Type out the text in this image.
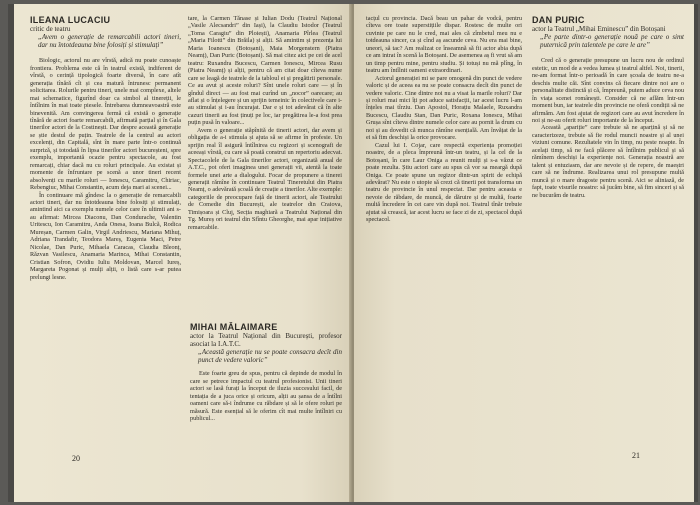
ILEANA LUCACIU

critic de teatru

„Avem o generație de remarcabili actori tineri, dar nu întotdeauna bine folosiți și stimulați”

Biologic, actorul nu are vîrstă, adică nu poate cunoaște frontiera. Problema este că în teatrul există, indiferent de vîrstă, o cerință tipologică foarte diversă, în care atît generația tînără cît și cea matură întrunesc permanent solicitarea. Rolurile pentru tineri, unele mai complexe, altele mai schematice, figurînd doar ca simbol al tinereții, le întîlnim în mai toate piesele. Întrebarea dumneavoastră este binevenită. Am convingerea fermă că există o generație tînără de actori foarte remarcabili, afirmată parțial și în Gala tinerilor actori de la Costinești. Dar despre această generație se știe destul de puțin. Teatrele de la centrul au actori excelenți, din Capitală, sînt în mare parte într-o continuă surpriză, și totodată în lipsa tinerilor actori bucureșteni, spre exemplu, importantă ocazie pentru spectacole, au fost remarcați, chiar dacă nu cu roluri principale. Au existat și momente de înfruntare pe scenă a unor tineri recent absolvenți cu marile roluri — Ionescu, Caramitru, Chiriac, Rebengiuc, Mihai Constantin, acum deja mari ai scenei...

În continuare mă gîndesc la o generație de remarcabili actori tineri, dar nu întotdeauna bine folosiți și stimulați, amintind aici ca exemplu numele celor care în ultimii ani s-au afirmat: Mircea Diaconu, Dan Condurache, Valentin Uritescu, Ion Caramitru, Anda Onesa, Ioana Bulcă, Rodica Mureșan, Carmen Galin, Virgil Andriescu, Mariana Mihuț, Adriana Trandafir, Teodora Mareș, Eugenia Maci, Petre Nicolae, Dan Puric, Mihaela Caracas, Claudia Bleonț, Răzvan Vasilescu, Anamaria Marinca, Mihai Constantin, Cristian Sofron, Ovidiu Iuliu Moldovan, Marcel Iureș, Margareta Pogonat și mulți alții, o listă care s-ar putea prelungi lesne.

tare, la Carmen Tănase și Iulian Dodu (Teatrul Național „Vasile Alecsandri” din Iași), la Claudiu Istodor (Teatrul „Toma Caragiu” din Ploiești), Anamaria Pîrlea (Teatrul „Maria Filotti” din Brăila) și alții. Să amintim și prezența lui Maria Ioanescu (Botoșani), Maia Morgenstern (Piatra Neamț), Dan Puric (Botoșani). Să mai citez aici pe cei de acel teatru: Ruxandra Bucescu, Carmen Ionescu, Mircea Rusu (Piatra Neamț) și alții, pentru că am citat doar cîteva nume care se leagă de teatrele de la tabloul ei și pregătirii personale. Ce au avut și aceste roluri? Sînt unele roluri care — și în gîndul direct — au fost mai curînd un „nocor” oarecare; au aflat și o înțelegere și un sprijin temeinic în colectivele care i-au stimulat și i-au încurajat. Dar e și tot adevărat că în alte cazuri tinerii au fost ținuți pe loc, iar pregătirea le-a fost prea puțin pusă în valoare...

Avem o generație stăpînită de tinerii actori, dar avem și obligația de a-i stimula și ajuta să se afirme în profesie. Un sprijin real îl asigură întîlnirea cu regizori și scenografi de aceeași vîrstă, cu care să poată construi un repertoriu adecvat. Spectacolele de la Gala tinerilor actori, organizată anual de A.T.C., pot oferi imaginea unei generații vii, atentă la toate formele unei arte a dialogului. Focar de propunere a tinerei generații rămîne în continuare Teatrul Tineretului din Piatra Neamț, o adevărată școală de creație a tinerilor. Alte exemple: categoriile de preocupare față de tinerii actori, ale Teatrului de Comedie din București, ale teatrelor din Craiova, Timișoara și Cluj, Secția maghiară a Teatrului Național din Tg. Mureș ori teatrul din Sfîntu Gheorghe, mai apar inițiative remarcabile.

MIHAI MĂLAIMARE

actor la Teatrul Național din București, profesor asociat la I.A.T.C.

„Această generație nu se poate consacra decît din punct de vedere valoric”

Este foarte greu de spus, pentru că depinde de modul în care se petrece impactul cu teatrul profesionist. Unii tineri actori se lasă furați la început de iluzia succesului facil, de tentația de a juca orice și oricum, alții au șansa de a întîlni oameni care să-i îndrume cu răbdare și să le ofere roluri pe măsură. Este esențial să le oferim cît mai multe întîlniri cu publicul...

20

tacțul cu provincia. Dacă beau un pahar de vodcă, pentru cîteva ore toate superstițiile dispar. Rostesc de multe ori cuvinte pe care nu le cred, mai ales că zîmbetul meu nu e totdeauna sincer, ca și cînd aș ascunde ceva. Nu era mai bine, uneori, să tac? Am realizat ce înseamnă să fii actor abia după ce am intrat în scenă la Botoșani. De asemenea aș fi vrut să am un timp pentru mine, pentru studiu. Și totuși nu mă plîng, în teatru am întîlnit oameni extraordinari.

Actorul generației mi se pare omogenă din punct de vedere valoric și de aceea ea nu se poate consacra decît din punct de vedere valoric. Cine dintre noi nu a visat la marile roluri? Dar și roluri mai mici îți pot aduce satisfacții, iar acest lucru l-am înțeles mai tîrziu. Dan Apostol, Horațiu Malaele, Ruxandra Bucescu, Claudiu Stan, Dan Puric, Roxana Ionescu, Mihai Grușa sînt cîteva dintre numele celor care au pornit la drum cu noi și au dovedit că munca rămîne esențială. Am învățat de la ei să fim deschiși la orice provocare.

Cazul lui I. Cojar, care respectă experiența promoției noastre, de a pleca împreună într-un teatru, și la cel de la Botoșani, în care Laur Oniga a reunit mulți și s-a văzut ce poate rezulta. Știu actori care au spus că vor sa meargă după Oniga. Ce poate spune un regizor dintr-un spirit de echipă adevărat? Nu este o utopie să crezi că tinerii pot transforma un teatru de provincie în unul respectat. Dar pentru aceasta e nevoie de răbdare, de muncă, de dăruire și de multă, foarte multă încredere în cei care vin după noi. Teatrul tînăr trebuie ajutat să crească, iar acest lucru se face zi de zi, spectacol după spectacol.

DAN PURIC

actor la Teatrul „Mihai Eminescu” din Botoșani

„Pe parte dintr-o generație nouă pe care o simt puternică prin talentele pe care le are”

Cred că o generație presupune un lucru nou de ordinul estetic, un mod de a vedea lumea și teatrul altfel. Noi, tinerii, ne-am format într-o perioadă în care școala de teatru ne-a deschis multe căi. Sînt convins că fiecare dintre noi are o personalitate distinctă și că, împreună, putem aduce ceva nou în viața scenei românești. Consider că ne aflăm într-un moment bun, iar teatrele din provincie ne oferă condiții să ne afirmăm. Am fost ajutat de regizori care au avut încredere în noi și ne-au oferit roluri importante de la început.

Această „apariție” care trebuie să ne aparțină și să ne caracterizeze, trebuie să fie rodul muncii noastre și al unei viziuni comune. Rezultatele vin în timp, nu peste noapte. În acelați timp, să ne facă plăcere să întîlnim publicul și să rămînem deschiși la experiențe noi. Generația noastră are talent și entuziasm, dar are nevoie și de repere, de maeștri care să ne îndrume. Realizarea unui rol presupune multă muncă și o mare dragoste pentru scenă. Aici se aliniază, de fapt, toate visurile noastre: să jucăm bine, să fim sinceri și să ne bucurăm de teatru.

21
